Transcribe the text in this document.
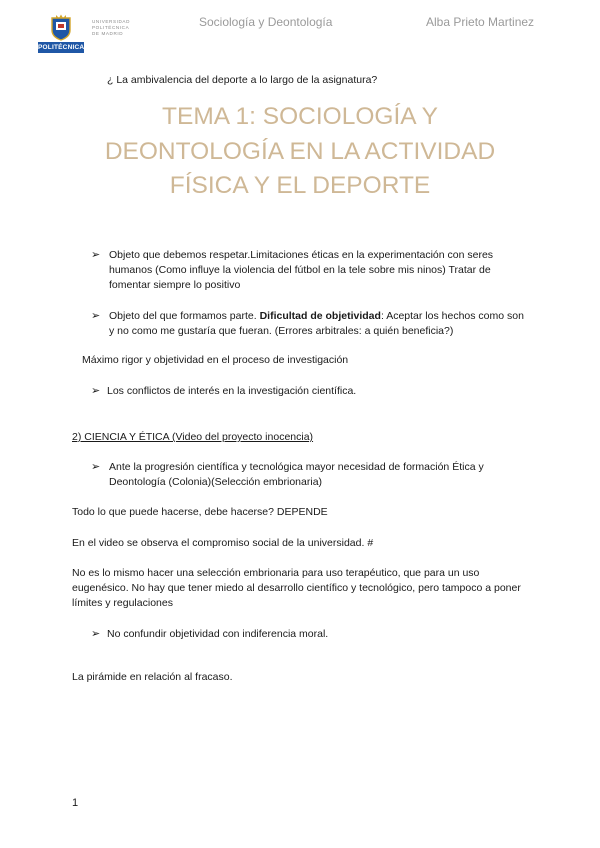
POLITÉCNICA
UNIVERSIDAD
POLITÉCNICA
DE MADRID
Sociología y Deontología	Alba Prieto Martinez
¿ La ambivalencia del deporte a lo largo de la asignatura?
TEMA 1: SOCIOLOGÍA Y
DEONTOLOGÍA EN LA ACTIVIDAD
FÍSICA Y EL DEPORTE
➢ Objeto que debemos respetar.Limitaciones éticas en la experimentación con seres humanos (Como influye la violencia del fútbol en la tele sobre mis ninos) Tratar de fomentar siempre lo positivo
➢ Objeto del que formamos parte. Dificultad de objetividad: Aceptar los hechos como son y no como me gustaría que fueran. (Errores arbitrales: a quién beneficia?)
Máximo rigor y objetividad en el proceso de investigación
➢ Los conflictos de interés en la investigación científica.
2) CIENCIA Y ÉTICA (Video del proyecto inocencia)
➢ Ante la progresión científica y tecnológica mayor necesidad de formación Ética y Deontología (Colonia)(Selección embrionaria)
Todo lo que puede hacerse, debe hacerse? DEPENDE
En el video se observa el compromiso social de la universidad. #
No es lo mismo hacer una selección embrionaria para uso terapéutico, que para un uso eugenésico. No hay que tener miedo al desarrollo científico y tecnológico, pero tampoco a poner límites y regulaciones
➢ No confundir objetividad con indiferencia moral.
La pirámide en relación al fracaso.
1
